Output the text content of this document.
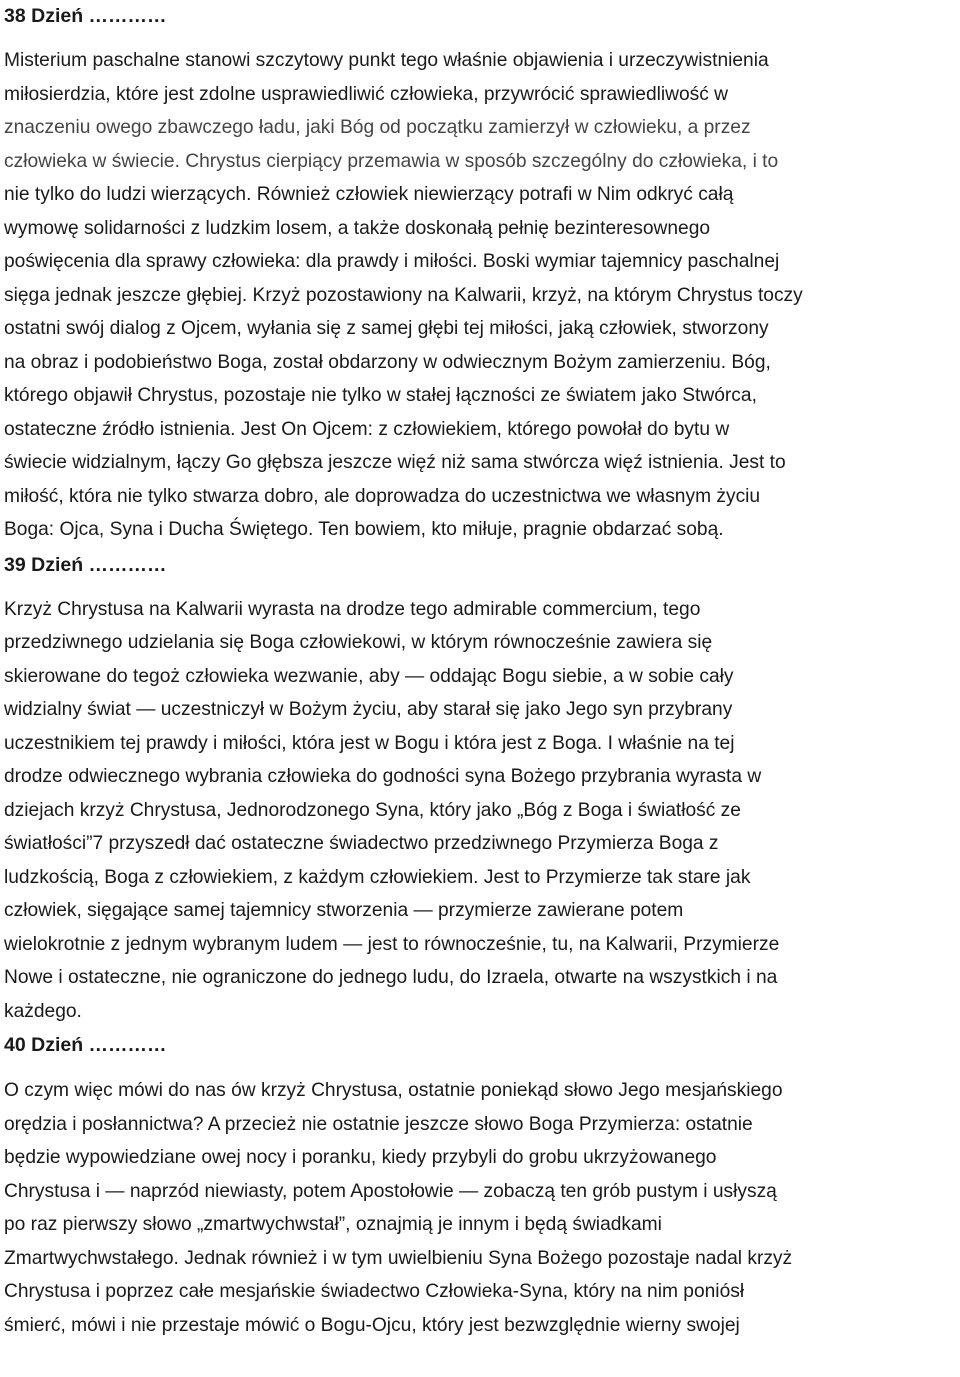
38 Dzień …………
Misterium paschalne stanowi szczytowy punkt tego właśnie objawienia i urzeczywistnienia
miłosierdzia, które jest zdolne usprawiedliwić człowieka, przywrócić sprawiedliwość w
znaczeniu owego zbawczego ładu, jaki Bóg od początku zamierzył w człowieku, a przez
człowieka w świecie. Chrystus cierpiący przemawia w sposób szczególny do człowieka, i to
nie tylko do ludzi wierzących. Również człowiek niewierzący potrafi w Nim odkryć całą
wymowę solidarności z ludzkim losem, a także doskonałą pełnię bezinteresownego
poświęcenia dla sprawy człowieka: dla prawdy i miłości. Boski wymiar tajemnicy paschalnej
sięga jednak jeszcze głębiej. Krzyż pozostawiony na Kalwarii, krzyż, na którym Chrystus toczy
ostatni swój dialog z Ojcem, wyłania się z samej głębi tej miłości, jaką człowiek, stworzony
na obraz i podobieństwo Boga, został obdarzony w odwiecznym Bożym zamierzeniu. Bóg,
którego objawił Chrystus, pozostaje nie tylko w stałej łączności ze światem jako Stwórca,
ostateczne źródło istnienia. Jest On Ojcem: z człowiekiem, którego powołał do bytu w
świecie widzialnym, łączy Go głębsza jeszcze więź niż sama stwórcza więź istnienia. Jest to
miłość, która nie tylko stwarza dobro, ale doprowadza do uczestnictwa we własnym życiu
Boga: Ojca, Syna i Ducha Świętego. Ten bowiem, kto miłuje, pragnie obdarzać sobą.
39 Dzień …………
Krzyż Chrystusa na Kalwarii wyrasta na drodze tego admirable commercium, tego
przedziwnego udzielania się Boga człowiekowi, w którym równocześnie zawiera się
skierowane do tegoż człowieka wezwanie, aby — oddając Bogu siebie, a w sobie cały
widzialny świat — uczestniczył w Bożym życiu, aby starał się jako Jego syn przybrany
uczestnikiem tej prawdy i miłości, która jest w Bogu i która jest z Boga. I właśnie na tej
drodze odwiecznego wybrania człowieka do godności syna Bożego przybrania wyrasta w
dziejach krzyż Chrystusa, Jednorodzonego Syna, który jako „Bóg z Boga i światłość ze
światłości”7 przyszedł dać ostateczne świadectwo przedziwnego Przymierza Boga z
ludzkością, Boga z człowiekiem, z każdym człowiekiem. Jest to Przymierze tak stare jak
człowiek, sięgające samej tajemnicy stworzenia — przymierze zawierane potem
wielokrotnie z jednym wybranym ludem — jest to równocześnie, tu, na Kalwarii, Przymierze
Nowe i ostateczne, nie ograniczone do jednego ludu, do Izraela, otwarte na wszystkich i na
każdego.
40 Dzień …………
O czym więc mówi do nas ów krzyż Chrystusa, ostatnie poniekąd słowo Jego mesjańskiego
orędzia i posłannictwa? A przecież nie ostatnie jeszcze słowo Boga Przymierza: ostatnie
będzie wypowiedziane owej nocy i poranku, kiedy przybyli do grobu ukrzyżowanego
Chrystusa i — naprzód niewiasty, potem Apostołowie — zobaczą ten grób pustym i usłyszą
po raz pierwszy słowo „zmartwychwstał”, oznajmią je innym i będą świadkami
Zmartwychwstałego. Jednak również i w tym uwielbieniu Syna Bożego pozostaje nadal krzyż
Chrystusa i poprzez całe mesjańskie świadectwo Człowieka-Syna, który na nim poniósł
śmierć, mówi i nie przestaje mówić o Bogu-Ojcu, który jest bezwzględnie wierny swojej
